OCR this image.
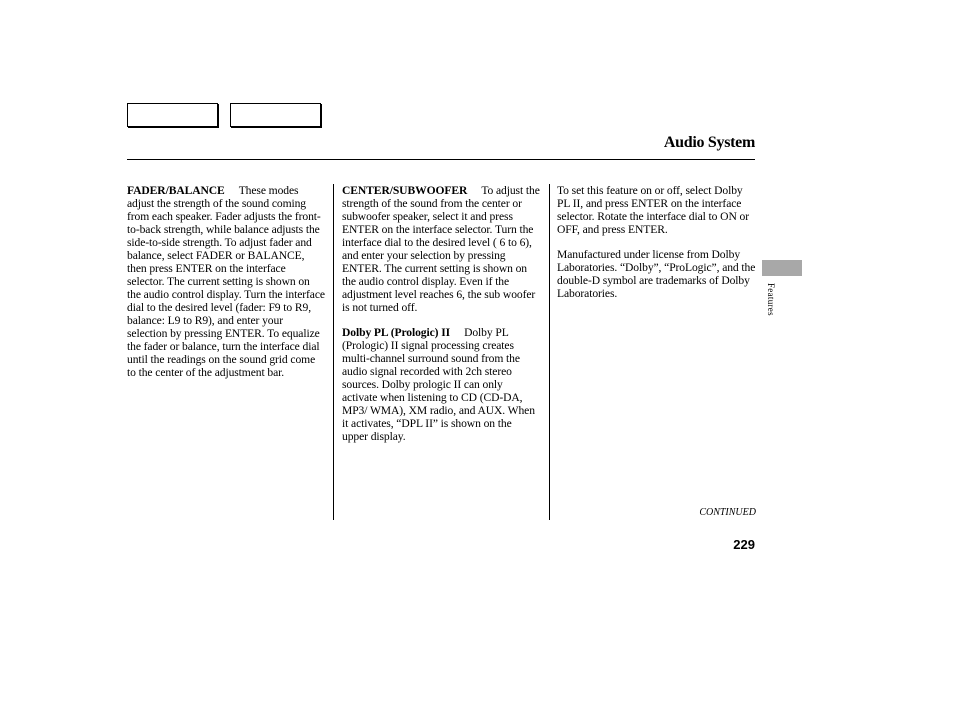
Audio System

FADER/BALANCE These modes adjust the strength of the sound coming from each speaker. Fader adjusts the front-to-back strength, while balance adjusts the side-to-side strength. To adjust fader and balance, select FADER or BALANCE, then press ENTER on the interface selector. The current setting is shown on the audio control display. Turn the interface dial to the desired level (fader: F9 to R9, balance: L9 to R9), and enter your selection by pressing ENTER. To equalize the fader or balance, turn the interface dial until the readings on the sound grid come to the center of the adjustment bar.

CENTER/SUBWOOFER To adjust the strength of the sound from the center or subwoofer speaker, select it and press ENTER on the interface selector. Turn the interface dial to the desired level ( 6 to 6), and enter your selection by pressing ENTER. The current setting is shown on the audio control display. Even if the adjustment level reaches 6, the sub woofer is not turned off.

Dolby PL (Prologic) II Dolby PL (Prologic) II signal processing creates multi-channel surround sound from the audio signal recorded with 2ch stereo sources. Dolby prologic II can only activate when listening to CD (CD-DA, MP3/ WMA), XM radio, and AUX. When it activates, “DPL II” is shown on the upper display.

To set this feature on or off, select Dolby PL II, and press ENTER on the interface selector. Rotate the interface dial to ON or OFF, and press ENTER.

Manufactured under license from Dolby Laboratories. “Dolby”, “ProLogic”, and the double-D symbol are trademarks of Dolby Laboratories.	Features
CONTINUED
229
